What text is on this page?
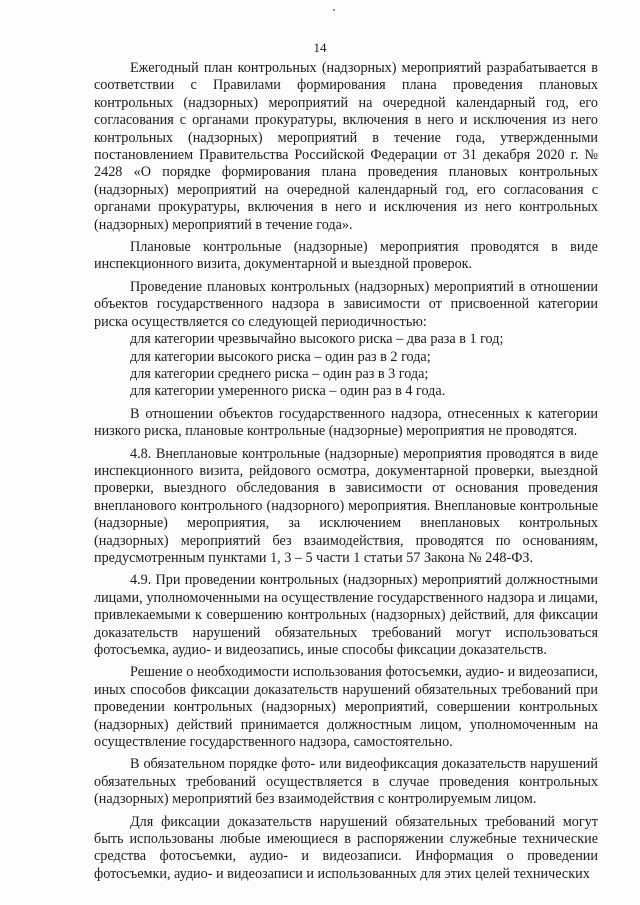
14

Ежегодный план контрольных (надзорных) мероприятий разрабатывается в соответствии с Правилами формирования плана проведения плановых контрольных (надзорных) мероприятий на очередной календарный год, его согласования с органами прокуратуры, включения в него и исключения из него контрольных (надзорных) мероприятий в течение года, утвержденными постановлением Правительства Российской Федерации от 31 декабря 2020 г. № 2428 «О порядке формирования плана проведения плановых контрольных (надзорных) мероприятий на очередной календарный год, его согласования с органами прокуратуры, включения в него и исключения из него контрольных (надзорных) мероприятий в течение года».

Плановые контрольные (надзорные) мероприятия проводятся в виде инспекционного визита, документарной и выездной проверок.

Проведение плановых контрольных (надзорных) мероприятий в отношении объектов государственного надзора в зависимости от присвоенной категории риска осуществляется со следующей периодичностью:

для категории чрезвычайно высокого риска – два раза в 1 год;

для категории высокого риска – один раз в 2 года;

для категории среднего риска – один раз в 3 года;

для категории умеренного риска – один раз в 4 года.

В отношении объектов государственного надзора, отнесенных к категории низкого риска, плановые контрольные (надзорные) мероприятия не проводятся.

4.8. Внеплановые контрольные (надзорные) мероприятия проводятся в виде инспекционного визита, рейдового осмотра, документарной проверки, выездной проверки, выездного обследования в зависимости от основания проведения внепланового контрольного (надзорного) мероприятия. Внеплановые контрольные (надзорные) мероприятия, за исключением внеплановых контрольных (надзорных) мероприятий без взаимодействия, проводятся по основаниям, предусмотренным пунктами 1, 3 – 5 части 1 статьи 57 Закона № 248-ФЗ.

4.9. При проведении контрольных (надзорных) мероприятий должностными лицами, уполномоченными на осуществление государственного надзора и лицами, привлекаемыми к совершению контрольных (надзорных) действий, для фиксации доказательств нарушений обязательных требований могут использоваться фотосъемка, аудио- и видеозапись, иные способы фиксации доказательств.

Решение о необходимости использования фотосъемки, аудио- и видеозаписи, иных способов фиксации доказательств нарушений обязательных требований при проведении контрольных (надзорных) мероприятий, совершении контрольных (надзорных) действий принимается должностным лицом, уполномоченным на осуществление государственного надзора, самостоятельно.

В обязательном порядке фото- или видеофиксация доказательств нарушений обязательных требований осуществляется в случае проведения контрольных (надзорных) мероприятий без взаимодействия с контролируемым лицом.

Для фиксации доказательств нарушений обязательных требований могут быть использованы любые имеющиеся в распоряжении служебные технические средства фотосъемки, аудио- и видеозаписи. Информация о проведении фотосъемки, аудио- и видеозаписи и использованных для этих целей технических
